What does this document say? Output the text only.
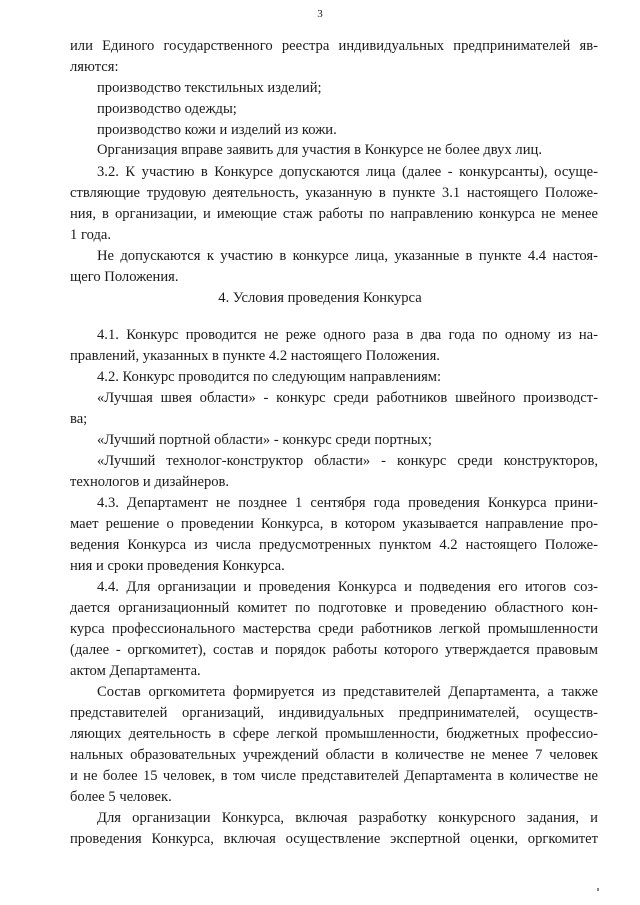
3
или Единого государственного реестра индивидуальных предпринимателей яв-
ляются:
производство текстильных изделий;
производство одежды;
производство кожи и изделий из кожи.
Организация вправе заявить для участия в Конкурсе не более двух лиц.
3.2. К участию в Конкурсе допускаются лица (далее - конкурсанты), осуще-
ствляющие трудовую деятельность, указанную в пункте 3.1 настоящего Положе-
ния, в организации, и имеющие стаж работы по направлению конкурса не менее
1 года.
Не допускаются к участию в конкурсе лица, указанные в пункте 4.4 настоя-
щего Положения.
4. Условия проведения Конкурса
4.1. Конкурс проводится не реже одного раза в два года по одному из на-
правлений, указанных в пункте 4.2 настоящего Положения.
4.2. Конкурс проводится по следующим направлениям:
«Лучшая швея области» - конкурс среди работников швейного производст-
ва;
«Лучший портной области» - конкурс среди портных;
«Лучший технолог-конструктор области» - конкурс среди конструкторов,
технологов и дизайнеров.
4.3. Департамент не позднее 1 сентября года проведения Конкурса прини-
мает решение о проведении Конкурса, в котором указывается направление про-
ведения Конкурса из числа предусмотренных пунктом 4.2 настоящего Положе-
ния и сроки проведения Конкурса.
4.4. Для организации и проведения Конкурса и подведения его итогов соз-
дается организационный комитет по подготовке и проведению областного кон-
курса профессионального мастерства среди работников легкой промышленности
(далее - оргкомитет), состав и порядок работы которого утверждается правовым
актом Департамента.
Состав оргкомитета формируется из представителей Департамента, а также
представителей организаций, индивидуальных предпринимателей, осуществ-
ляющих деятельность в сфере легкой промышленности, бюджетных профессио-
нальных образовательных учреждений области в количестве не менее 7 человек
и не более 15 человек, в том числе представителей Департамента в количестве не
более 5 человек.
Для организации Конкурса, включая разработку конкурсного задания, и
проведения Конкурса, включая осуществление экспертной оценки, оргкомитет
